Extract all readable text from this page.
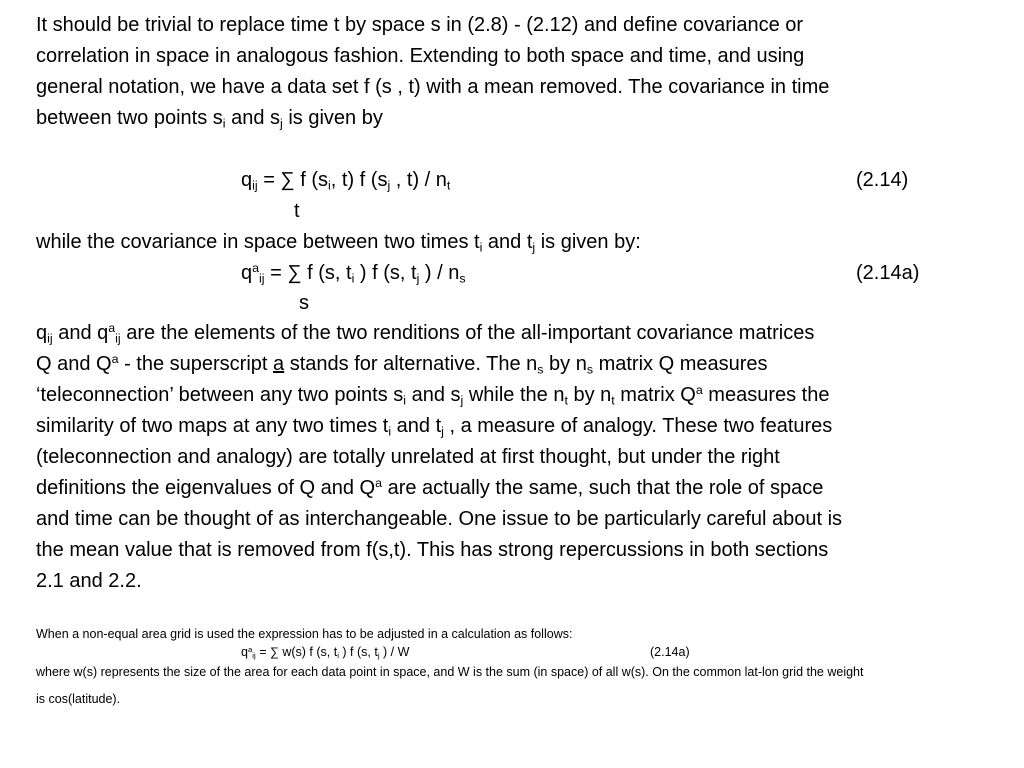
It should be trivial to replace time t by space s in (2.8) - (2.12) and define covariance or
correlation in space in analogous fashion. Extending to both space and time, and using
general notation, we have a data set f (s , t) with a mean removed. The covariance in time
between two points $s_i$ and $s_j$ is given by
$q_{ij}$ = ∑ f ($s_i$, t) f ($s_j$ , $t) / n_t$	(2.14)
t
while the covariance in space between two times $t_i$ and $t_j$ is given by:
$q^a_{ij}$ = ∑ f (s, $t_i$ ) f (s, $t_j$ ) / $n_s$	(2.14a)
s
$q_{ij}$ and $q^a_{ij}$ are the elements of the two renditions of the all-important covariance matrices
Q and $Q^a$ - the superscript a stands for alternative. The $n_s$ by $n_s$ matrix Q measures
‘teleconnection’ between any two points $s_i$ and $s_j$ while the $n_t$ by $n_t$ matrix $Q^a$ measures the
similarity of two maps at any two times $t_i$ and $t_j$ , a measure of analogy. These two features
(teleconnection and analogy) are totally unrelated at first thought, but under the right
definitions the eigenvalues of Q and $Q^a$ are actually the same, such that the role of space
and time can be thought of as interchangeable. One issue to be particularly careful about is
the mean value that is removed from f(s,t). This has strong repercussions in both sections
2.1 and 2.2.
When a non-equal area grid is used the expression has to be adjusted in a calculation as follows:
$q^a_{ij}$ = ∑ w(s) f (s, $t_i$ ) f (s, $t_j$ ) / W	(2.14a)
where w(s) represents the size of the area for each data point in space, and W is the sum (in space) of all w(s). On the common lat-lon grid the weight
is cos(latitude).
